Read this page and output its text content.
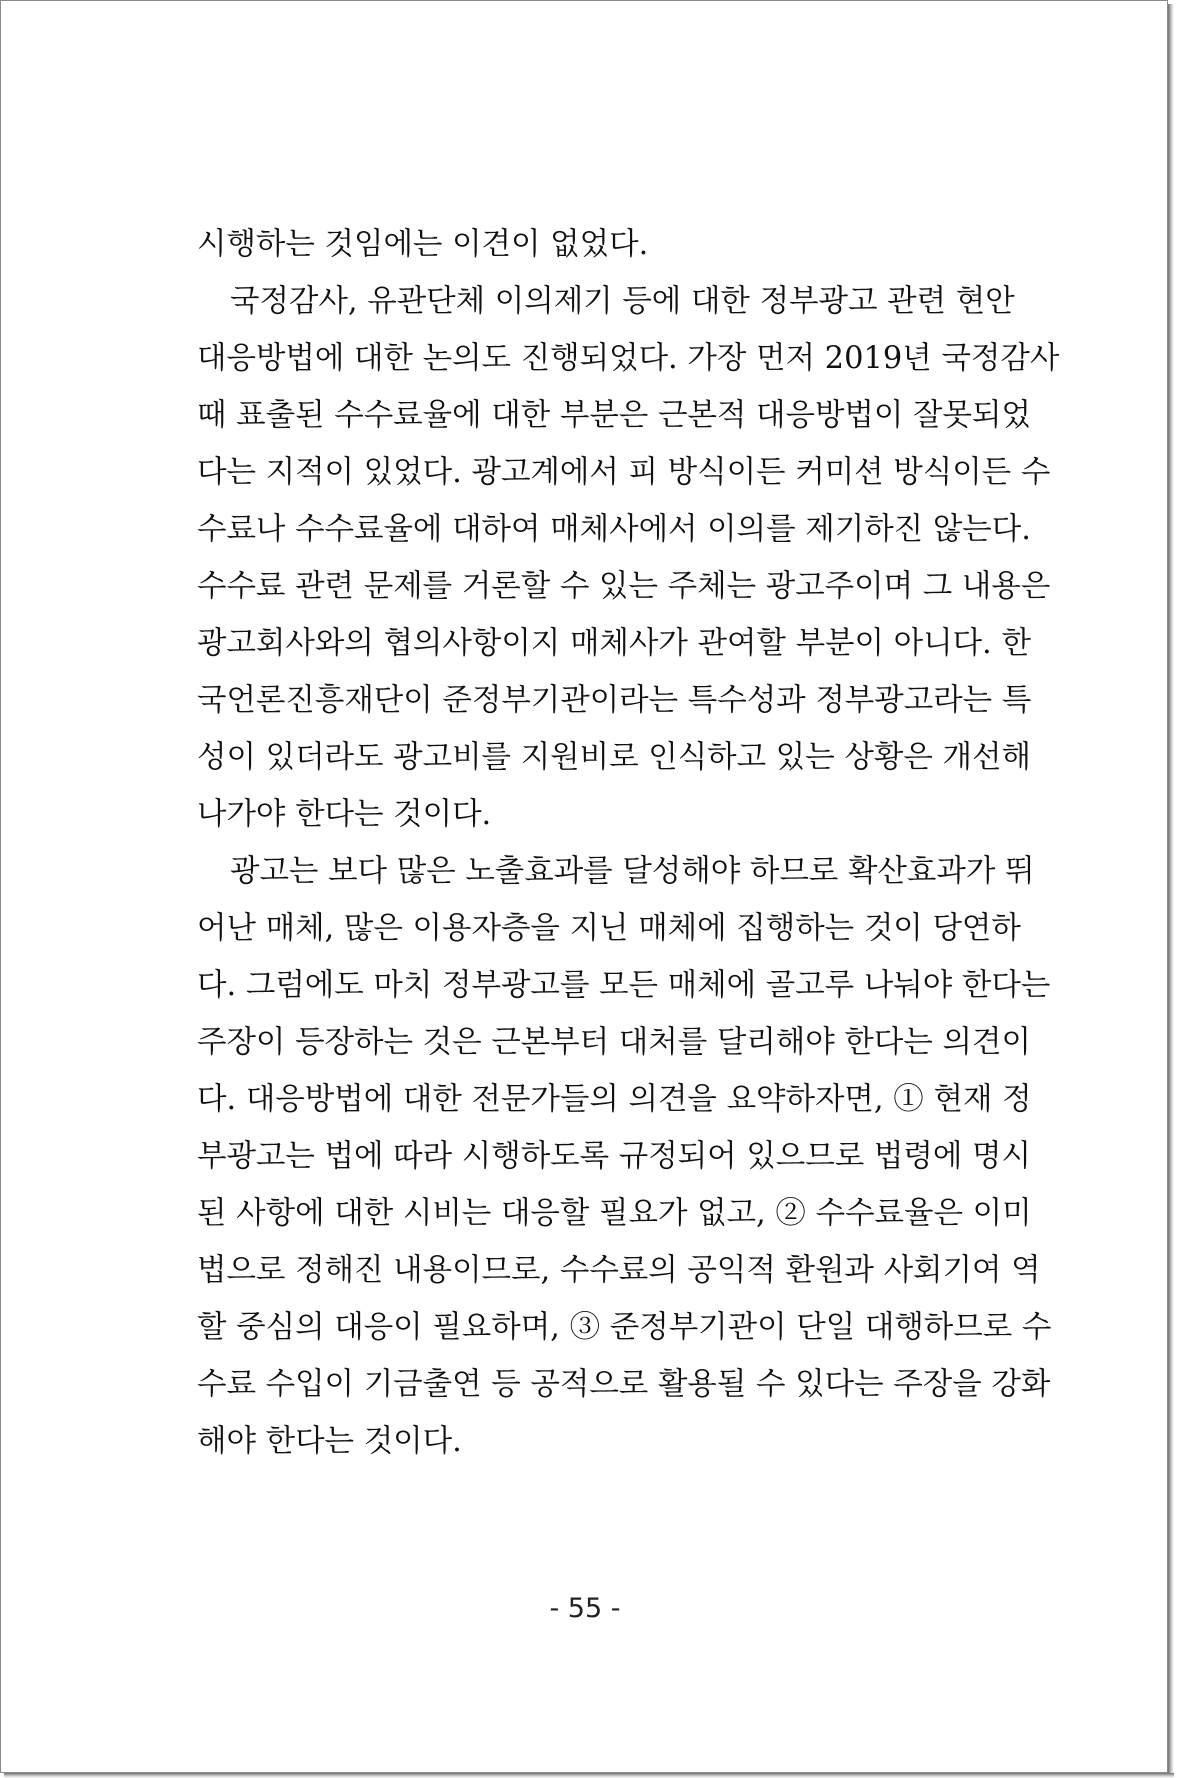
시행하는 것임에는 이견이 없었다.
국정감사, 유관단체 이의제기 등에 대한 정부광고 관련 현안
대응방법에 대한 논의도 진행되었다. 가장 먼저 2019년 국정감사
때 표출된 수수료율에 대한 부분은 근본적 대응방법이 잘못되었
다는 지적이 있었다. 광고계에서 피 방식이든 커미션 방식이든 수
수료나 수수료율에 대하여 매체사에서 이의를 제기하진 않는다.
수수료 관련 문제를 거론할 수 있는 주체는 광고주이며 그 내용은
광고회사와의 협의사항이지 매체사가 관여할 부분이 아니다. 한
국언론진흥재단이 준정부기관이라는 특수성과 정부광고라는 특
성이 있더라도 광고비를 지원비로 인식하고 있는 상황은 개선해
나가야 한다는 것이다.
광고는 보다 많은 노출효과를 달성해야 하므로 확산효과가 뛰
어난 매체, 많은 이용자층을 지닌 매체에 집행하는 것이 당연하
다. 그럼에도 마치 정부광고를 모든 매체에 골고루 나눠야 한다는
주장이 등장하는 것은 근본부터 대처를 달리해야 한다는 의견이
다. 대응방법에 대한 전문가들의 의견을 요약하자면, ① 현재 정
부광고는 법에 따라 시행하도록 규정되어 있으므로 법령에 명시
된 사항에 대한 시비는 대응할 필요가 없고, ② 수수료율은 이미
법으로 정해진 내용이므로, 수수료의 공익적 환원과 사회기여 역
할 중심의 대응이 필요하며, ③ 준정부기관이 단일 대행하므로 수
수료 수입이 기금출연 등 공적으로 활용될 수 있다는 주장을 강화
해야 한다는 것이다.
- 55 -
